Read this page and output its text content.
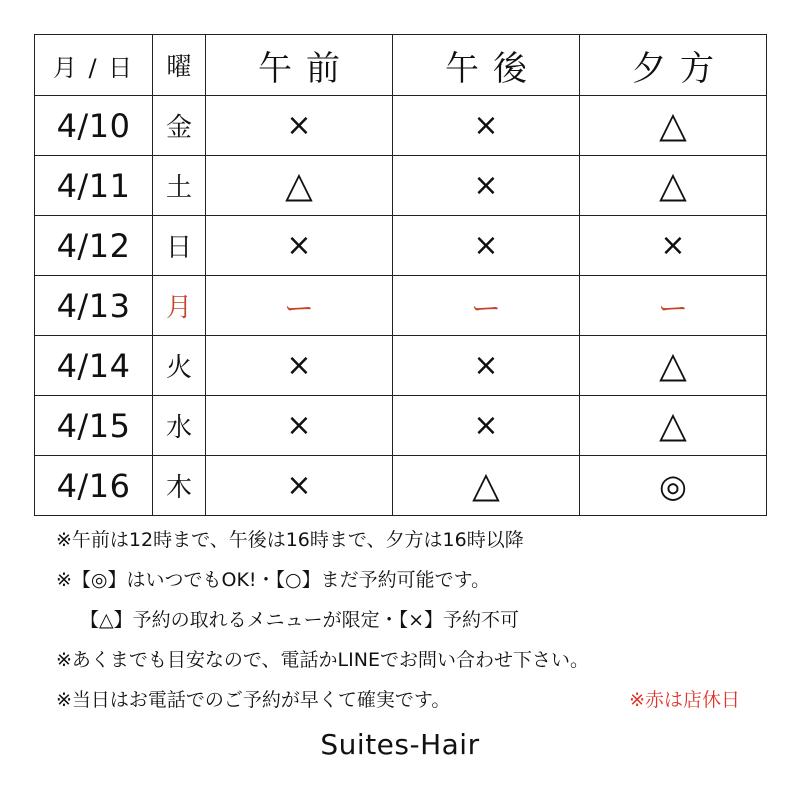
月 / 日	曜	午前	午後	夕方
4/10	金	×	×	△
4/11	土	△	×	△
4/12	日	×	×	×
4/13	月	ー	ー	ー
4/14	火	×	×	△
4/15	水	×	×	△
4/16	木	×	△	◎
※午前は12時まで、午後は16時まで、夕方は16時以降
※【◎】はいつでもOK!・【○】まだ予約可能です。
【△】予約の取れるメニューが限定・【×】予約不可
※あくまでも目安なので、電話かLINEでお問い合わせ下さい。
※当日はお電話でのご予約が早くて確実です。	※赤は店休日
Suites-Hair
